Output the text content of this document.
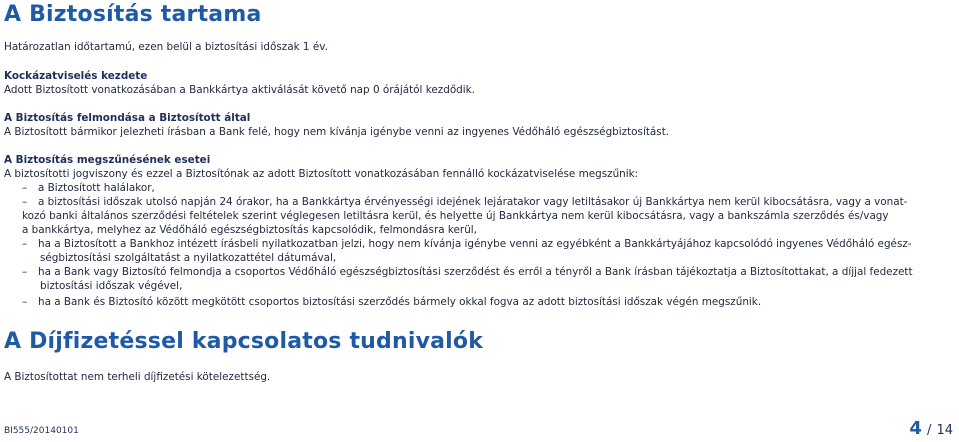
A Biztosítás tartama
Határozatlan időtartamú, ezen belül a biztosítási időszak 1 év.
Kockázatviselés kezdete
Adott Biztosított vonatkozásában a Bankkártya aktiválását követő nap 0 órájától kezdődik.
A Biztosítás felmondása a Biztosított által
A Biztosított bármikor jelezheti írásban a Bank felé, hogy nem kívánja igénybe venni az ingyenes Védőháló egészségbiztosítást.
A Biztosítás megszűnésének esetei
A biztosítotti jogviszony és ezzel a Biztosítónak az adott Biztosított vonatkozásában fennálló kockázatviselése megszűnik:
– a Biztosított halálakor,
– a biztosítási időszak utolsó napján 24 órakor, ha a Bankkártya érvényességi idejének lejáratakor vagy letiltásakor új Bankkártya nem kerül kibocsátásra, vagy a vonat-
kozó banki általános szerződési feltételek szerint véglegesen letiltásra kerül, és helyette új Bankkártya nem kerül kibocsátásra, vagy a bankszámla szerződés és/vagy
a bankkártya, melyhez az Védőháló egészségbiztosítás kapcsolódik, felmondásra kerül,
– ha a Biztosított a Bankhoz intézett írásbeli nyilatkozatban jelzi, hogy nem kívánja igénybe venni az egyébként a Bankkártyájához kapcsolódó ingyenes Védőháló egész-
ségbiztosítási szolgáltatást a nyilatkozattétel dátumával,
– ha a Bank vagy Biztosító felmondja a csoportos Védőháló egészségbiztosítási szerződést és erről a tényről a Bank írásban tájékoztatja a Biztosítottakat, a díjjal fedezett
biztosítási időszak végével,
– ha a Bank és Biztosító között megkötött csoportos biztosítási szerződés bármely okkal fogva az adott biztosítási időszak végén megszűnik.
A Díjfizetéssel kapcsolatos tudnivalók
A Biztosítottat nem terheli díjfizetési kötelezettség.
BI555/20140101	4 / 14
